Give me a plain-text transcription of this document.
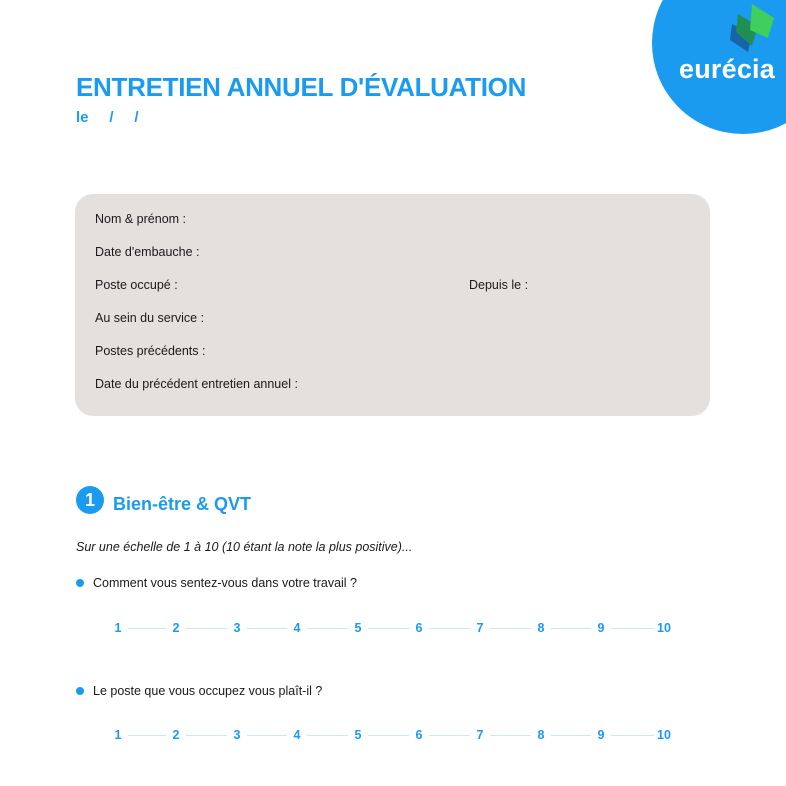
eurécia
ENTRETIEN ANNUEL D'ÉVALUATION
le     /     /
Nom & prénom :
Date d'embauche :
Poste occupé :	Depuis le :
Au sein du service :
Postes précédents :
Date du précédent entretien annuel :
1	Bien-être & QVT
Sur une échelle de 1 à 10 (10 étant la note la plus positive)...
Comment vous sentez-vous dans votre travail ?
Le poste que vous occupez vous plaît-il ?
1	2	3	4	5	6	7	8	9	10
1	2	3	4	5	6	7	8	9	10
